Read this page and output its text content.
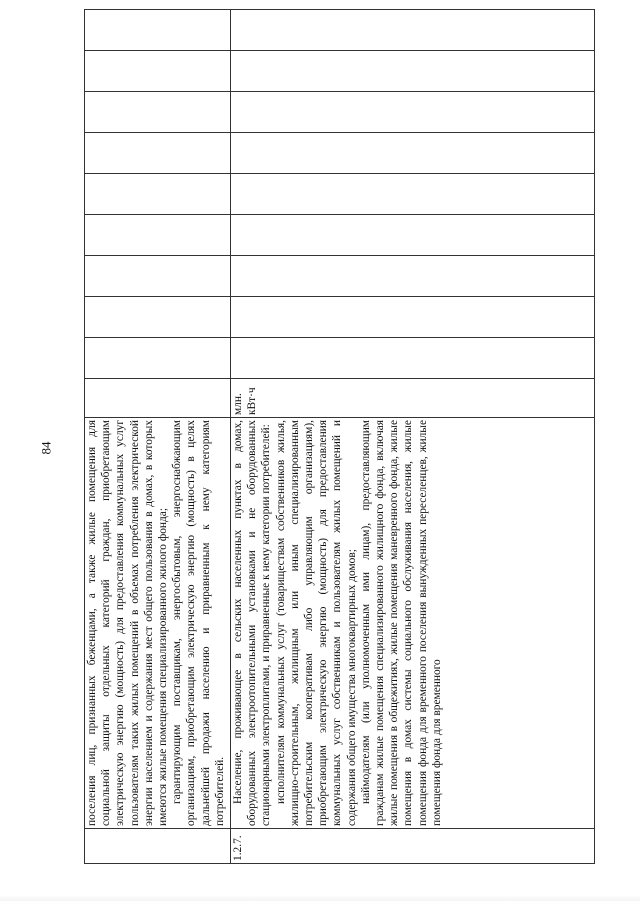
84

	поселения лиц, признанных беженцами, а также жилые помещения для социальной защиты отдельных категорий граждан, приобретающим электрическую энергию (мощность) для предоставления коммунальных услуг пользователям таких жилых помещений в объемах потребления электрической энергии населением и содержания мест общего пользования в домах, в которых имеются жилые помещения специализированного жилого фонда; гарантирующим поставщикам, энергосбытовым, энергоснабжающим организациям, приобретающим электрическую энергию (мощность) в целях дальнейшей продажи населению и приравненным к нему категориям потребителей.										

1.2.7.	Население, проживающее в сельских населенных пунктах в домах, оборудованных электроотопительными установками и не оборудованных стационарными электроплитами, и приравненные к нему категории потребителей: исполнителям коммунальных услуг (товариществам собственников жилья, жилищно-строительным, жилищным или иным специализированным потребительским кооперативам либо управляющим организациям), приобретающим электрическую энергию (мощность) для предоставления коммунальных услуг собственникам и пользователям жилых помещений и содержания общего имущества многоквартирных домов; наймодателям (или уполномоченным ими лицам), предоставляющим гражданам жилые помещения специализированного жилищного фонда, включая жилые помещения в общежитиях, жилые помещения маневренного фонда, жилые помещения в домах системы социального обслуживания населения, жилые помещения фонда для временного поселения вынужденных переселенцев, жилые помещения фонда для временного	млн. кВт·ч									
